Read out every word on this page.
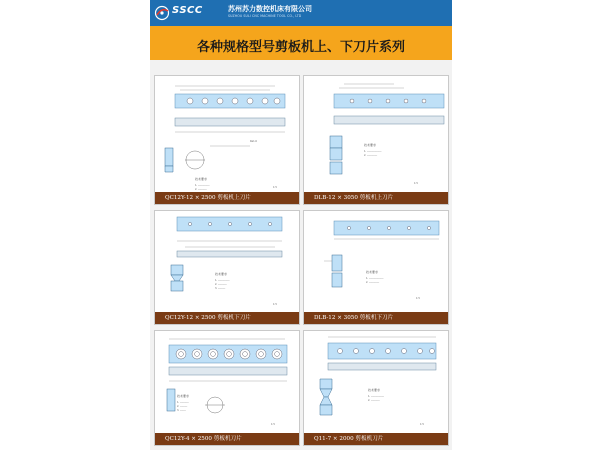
SSCC	苏州苏力数控机床有限公司
SUZHOU SULI CNC MACHINE TOOL CO., LTD
各种规格型号剪板机上、下刀片系列
Ra1.6
技术要求
1. ────────
2. ──────
1:5
QC12Y-12 × 2500 剪板机上刀片
技术要求
1. ──────────
2. ───────
1:5
DLB-12 × 3050 剪板机上刀片
技术要求
1. ────────
2. ──────
3. ─────
1:5
QC12Y-12 × 2500 剪板机下刀片
技术要求
1. ──────────
2. ───────
1:5
DLB-12 × 3050 剪板机下刀片
技术要求
1. ──────
2. ─────
3. ────
1:5
QC12Y-4 × 2500 剪板机刀片
技术要求
1. ─────────
2. ──────
1:5
Q11-7 × 2000 剪板机刀片
